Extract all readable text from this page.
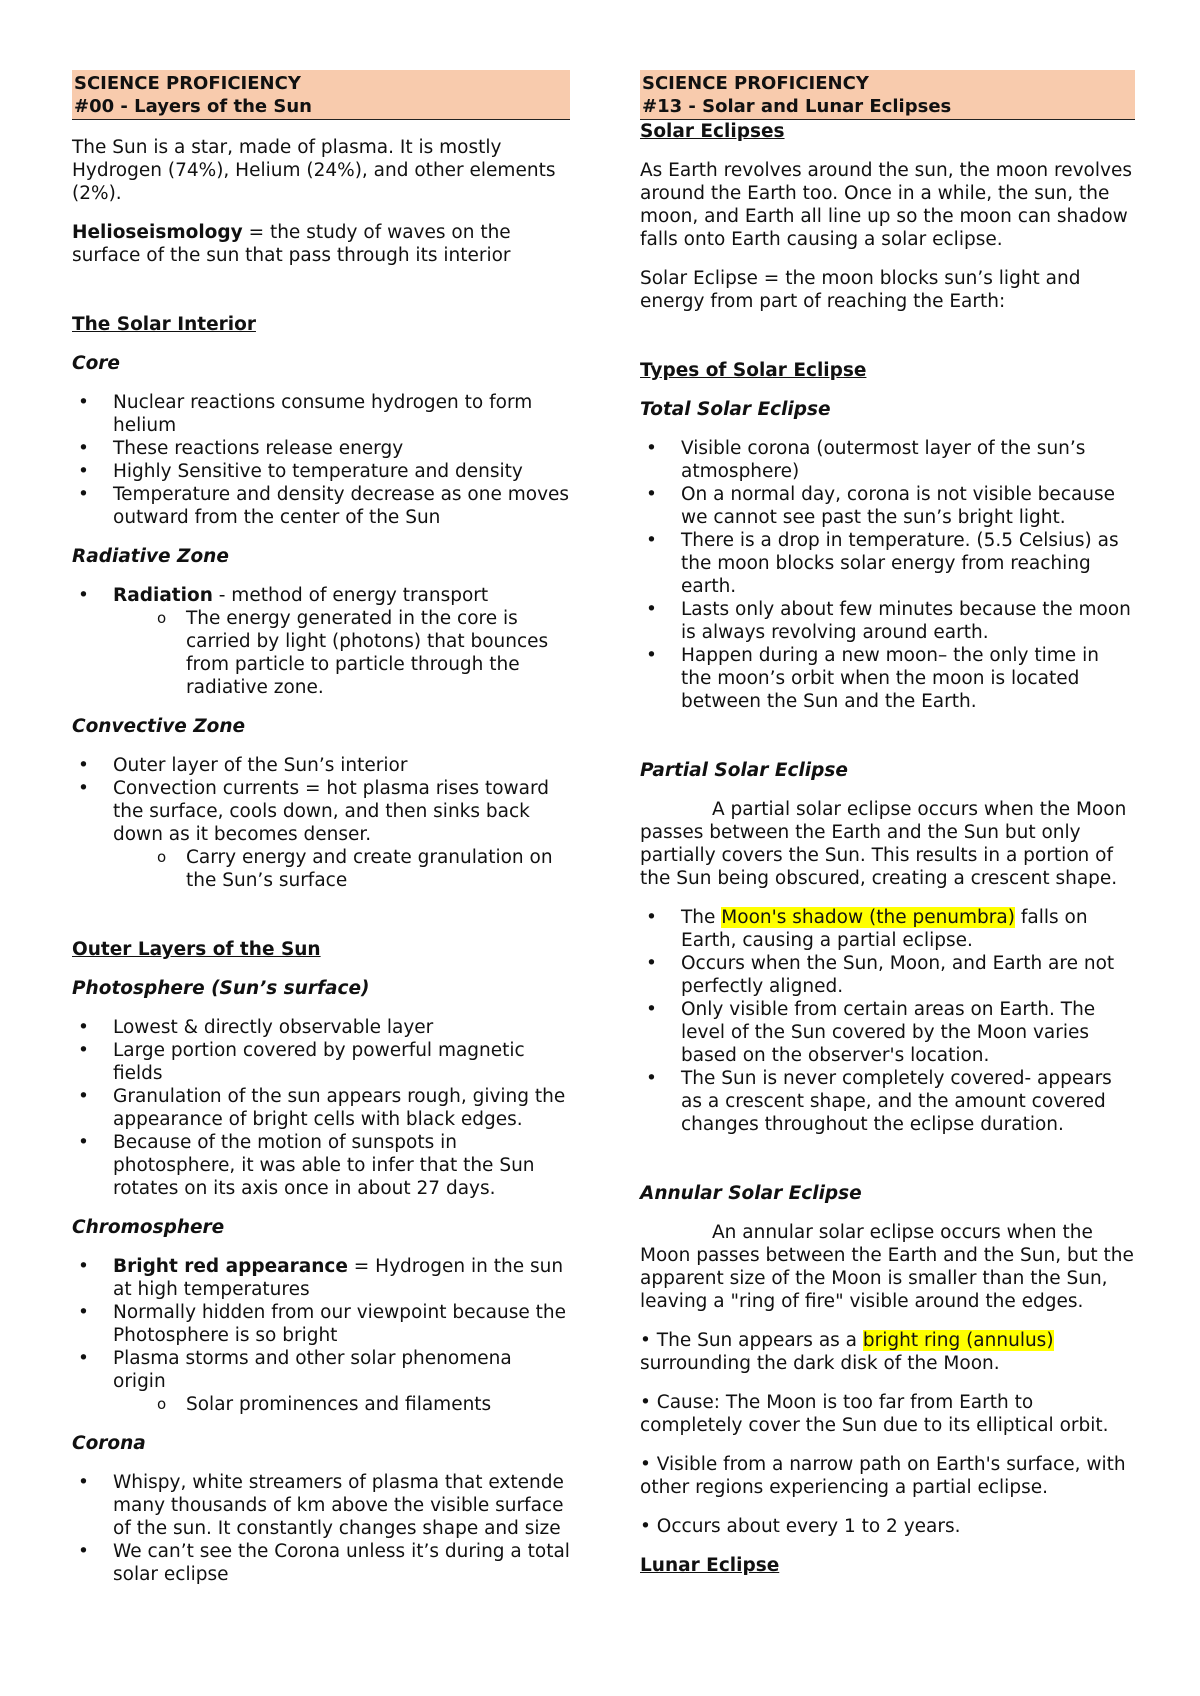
SCIENCE PROFICIENCY
#00 - Layers of the Sun

The Sun is a star, made of plasma. It is mostly Hydrogen (74%), Helium (24%), and other elements (2%).

Helioseismology = the study of waves on the surface of the sun that pass through its interior

The Solar Interior
Core
• Nuclear reactions consume hydrogen to form helium
• These reactions release energy
• Highly Sensitive to temperature and density
• Temperature and density decrease as one moves outward from the center of the Sun
Radiative Zone
• Radiation - method of energy transport
o The energy generated in the core is carried by light (photons) that bounces from particle to particle through the radiative zone.
Convective Zone
• Outer layer of the Sun’s interior
• Convection currents = hot plasma rises toward the surface, cools down, and then sinks back down as it becomes denser.
o Carry energy and create granulation on the Sun’s surface
Outer Layers of the Sun
Photosphere (Sun’s surface)
• Lowest & directly observable layer
• Large portion covered by powerful magnetic fields
• Granulation of the sun appears rough, giving the appearance of bright cells with black edges.
• Because of the motion of sunspots in photosphere, it was able to infer that the Sun rotates on its axis once in about 27 days.
Chromosphere
• Bright red appearance = Hydrogen in the sun at high temperatures
• Normally hidden from our viewpoint because the Photosphere is so bright
• Plasma storms and other solar phenomena origin
o Solar prominences and filaments
Corona
• Whispy, white streamers of plasma that extende many thousands of km above the visible surface of the sun. It constantly changes shape and size
• We can’t see the Corona unless it’s during a total solar eclipse
SCIENCE PROFICIENCY
#13 - Solar and Lunar Eclipses
Solar Eclipses

As Earth revolves around the sun, the moon revolves around the Earth too. Once in a while, the sun, the moon, and Earth all line up so the moon can shadow falls onto Earth causing a solar eclipse.

Solar Eclipse = the moon blocks sun’s light and energy from part of reaching the Earth:

Types of Solar Eclipse
Total Solar Eclipse
• Visible corona (outermost layer of the sun’s atmosphere)
• On a normal day, corona is not visible because we cannot see past the sun’s bright light.
• There is a drop in temperature. (5.5 Celsius) as the moon blocks solar energy from reaching earth.
• Lasts only about few minutes because the moon is always revolving around earth.
• Happen during a new moon– the only time in the moon’s orbit when the moon is located between the Sun and the Earth.
Partial Solar Eclipse

A partial solar eclipse occurs when the Moon passes between the Earth and the Sun but only partially covers the Sun. This results in a portion of the Sun being obscured, creating a crescent shape.

• The Moon's shadow (the penumbra) falls on Earth, causing a partial eclipse.
• Occurs when the Sun, Moon, and Earth are not perfectly aligned.
• Only visible from certain areas on Earth. The level of the Sun covered by the Moon varies based on the observer's location.
• The Sun is never completely covered- appears as a crescent shape, and the amount covered changes throughout the eclipse duration.
Annular Solar Eclipse

An annular solar eclipse occurs when the Moon passes between the Earth and the Sun, but the apparent size of the Moon is smaller than the Sun, leaving a "ring of fire" visible around the edges.

• The Sun appears as a bright ring (annulus) surrounding the dark disk of the Moon.

• Cause: The Moon is too far from Earth to completely cover the Sun due to its elliptical orbit.

• Visible from a narrow path on Earth's surface, with other regions experiencing a partial eclipse.

• Occurs about every 1 to 2 years.

Lunar Eclipse
